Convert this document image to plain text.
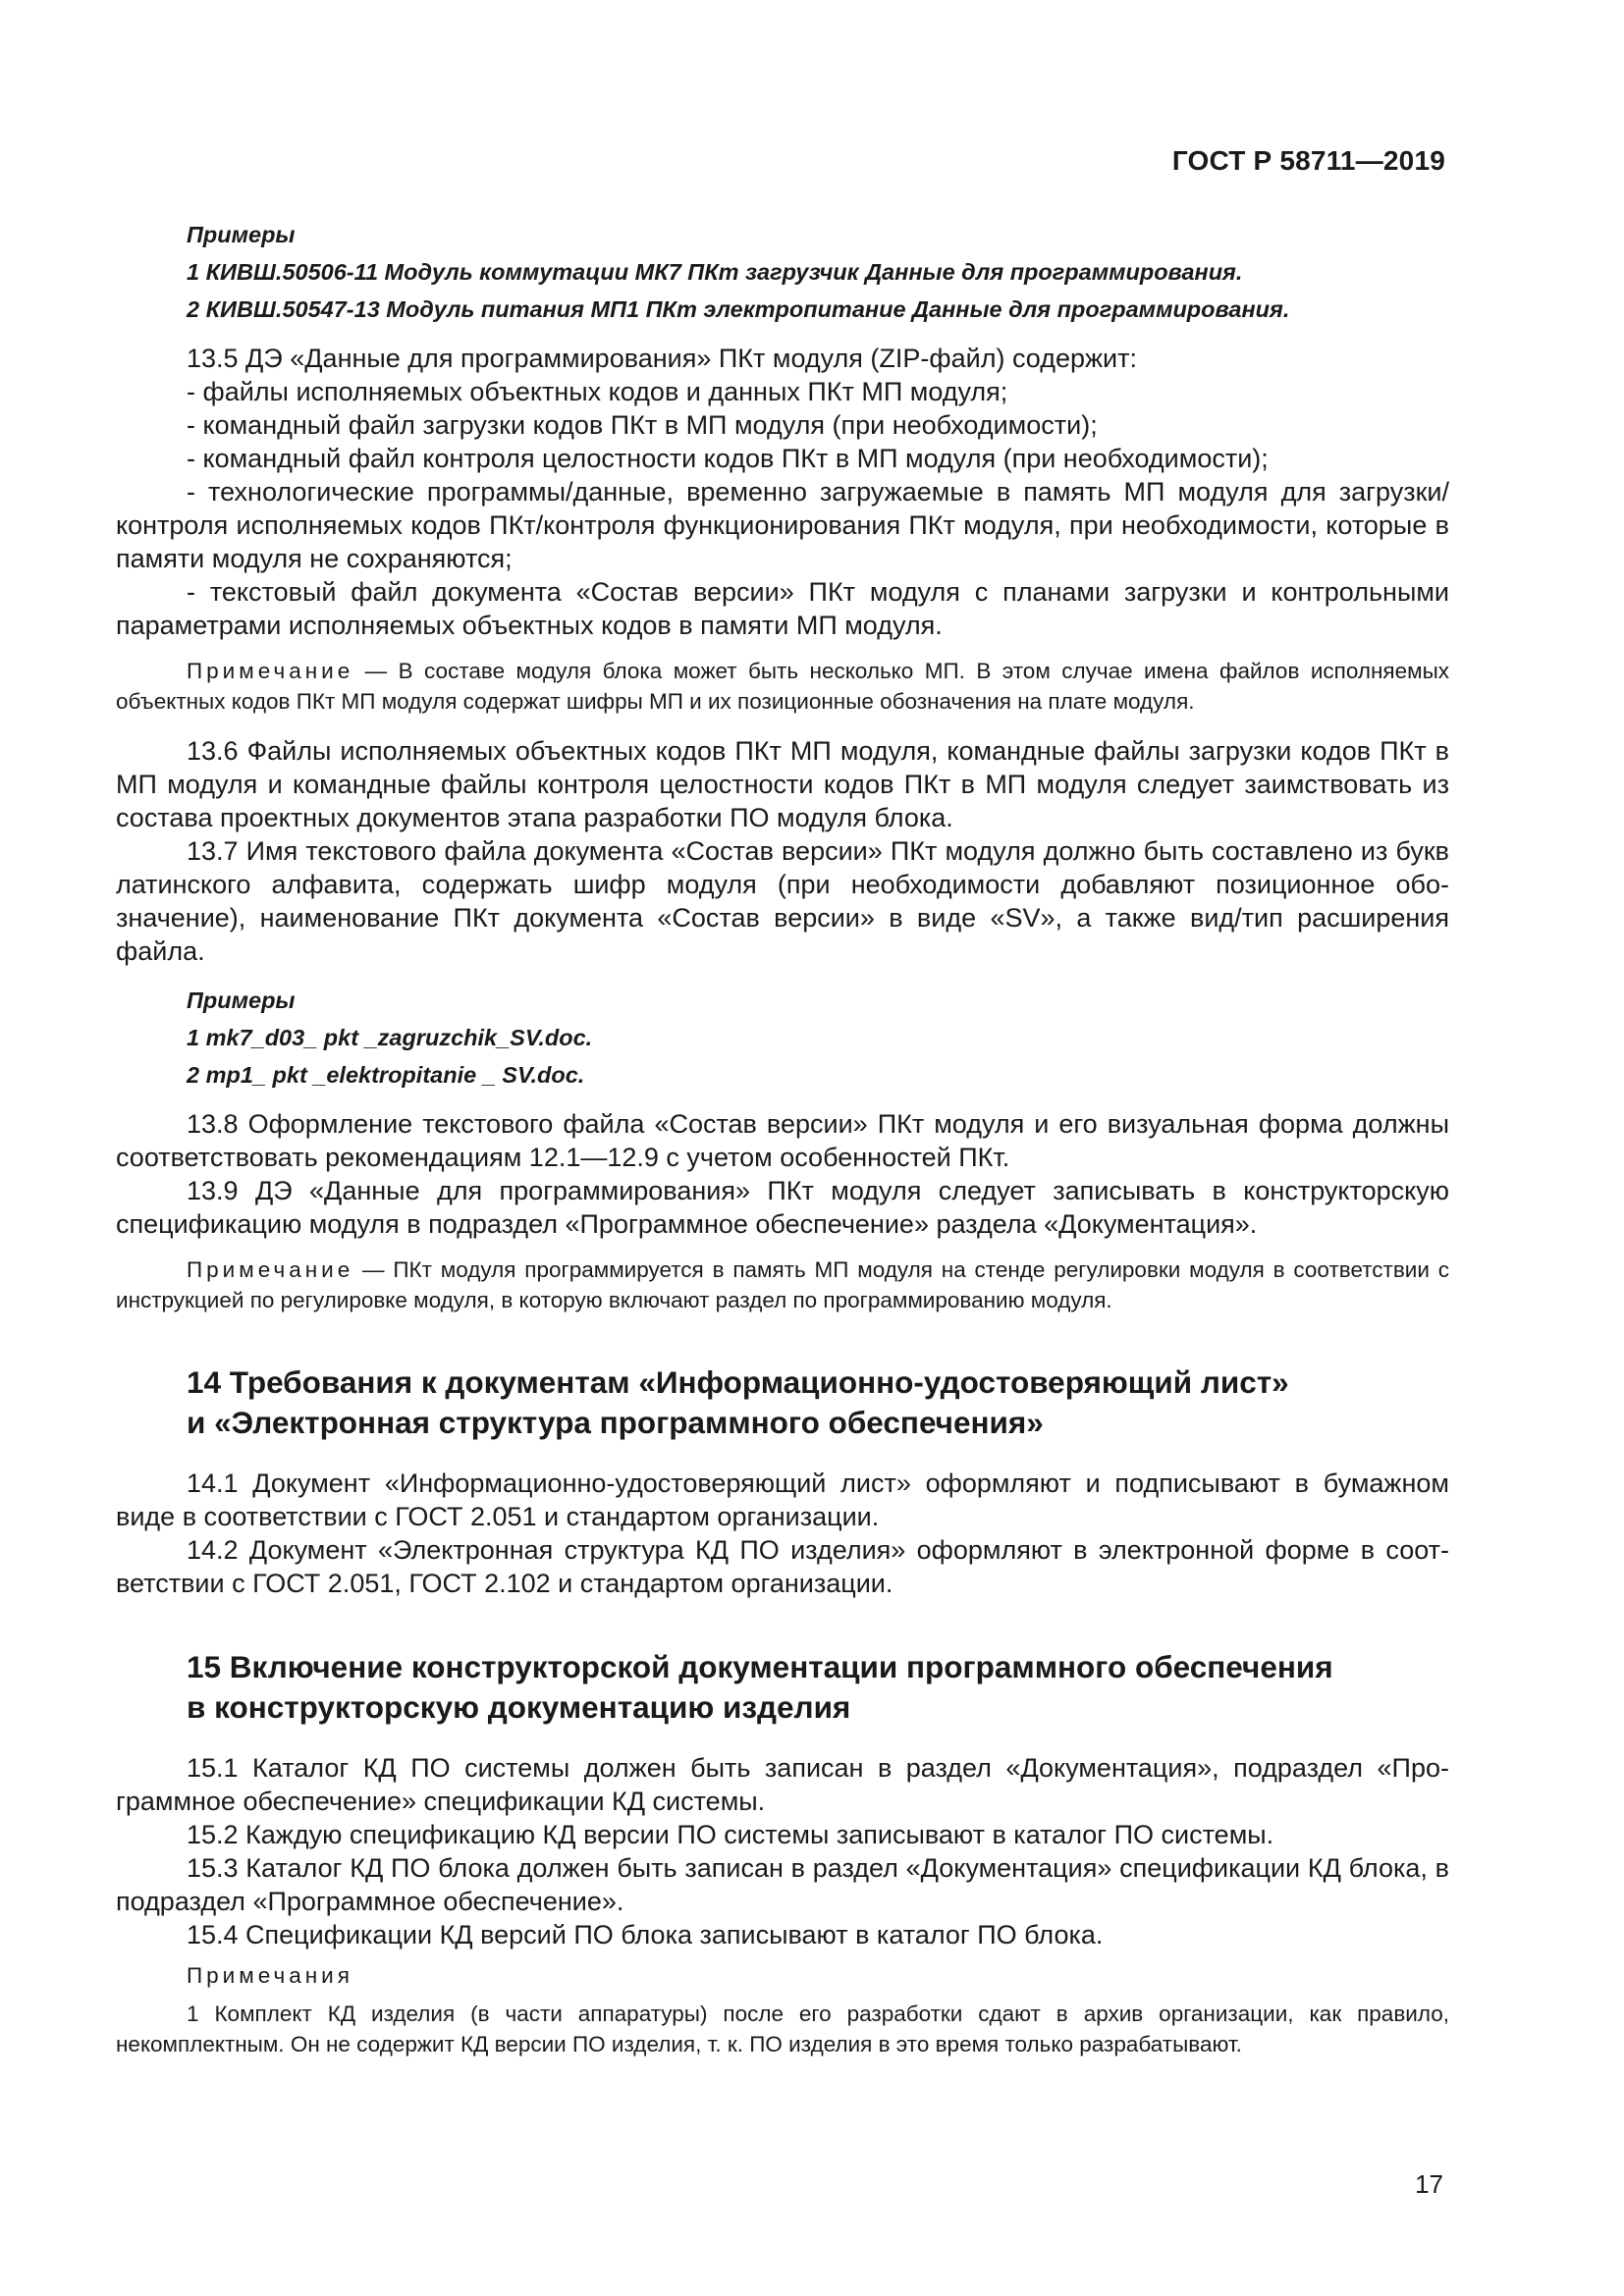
ГОСТ Р 58711—2019
Примеры
1 КИВШ.50506-11 Модуль коммутации МК7 ПКт загрузчик Данные для программирования.
2 КИВШ.50547-13 Модуль питания МП1 ПКт электропитание Данные для программирования.

13.5 ДЭ «Данные для программирования» ПКт модуля (ZIP-файл) содержит:

- файлы исполняемых объектных кодов и данных ПКт МП модуля;

- командный файл загрузки кодов ПКт в МП модуля (при необходимости);

- командный файл контроля целостности кодов ПКт в МП модуля (при необходимости);

- технологические программы/данные, временно загружаемые в память МП модуля для загрузки/контроля исполняемых кодов ПКт/контроля функционирования ПКт модуля, при необходимости, которые в памяти модуля не сохраняются;

- текстовый файл документа «Состав версии» ПКт модуля с планами загрузки и контрольными параметрами исполняемых объектных кодов в памяти МП модуля.

Примечание — В составе модуля блока может быть несколько МП. В этом случае имена файлов исполняемых объектных кодов ПКт МП модуля содержат шифры МП и их позиционные обозначения на плате модуля.

13.6 Файлы исполняемых объектных кодов ПКт МП модуля, командные файлы загрузки кодов ПКт в МП модуля и командные файлы контроля целостности кодов ПКт в МП модуля следует заимствовать из состава проектных документов этапа разработки ПО модуля блока.

13.7 Имя текстового файла документа «Состав версии» ПКт модуля должно быть составлено из букв латинского алфавита, содержать шифр модуля (при необходимости добавляют позиционное обозначение), наименование ПКт документа «Состав версии» в виде «SV», а также вид/тип расширения файла.

Примеры
1 mk7_d03_ pkt _zagruzchik_SV.doc.
2 mp1_ pkt _elektropitanie _ SV.doc.

13.8 Оформление текстового файла «Состав версии» ПКт модуля и его визуальная форма должны соответствовать рекомендациям 12.1—12.9 с учетом особенностей ПКт.

13.9 ДЭ «Данные для программирования» ПКт модуля следует записывать в конструкторскую спецификацию модуля в подраздел «Программное обеспечение» раздела «Документация».

Примечание — ПКт модуля программируется в память МП модуля на стенде регулировки модуля в соответствии с инструкцией по регулировке модуля, в которую включают раздел по программированию модуля.

14 Требования к документам «Информационно-удостоверяющий лист»
и «Электронная структура программного обеспечения»

14.1 Документ «Информационно-удостоверяющий лист» оформляют и подписывают в бумажном виде в соответствии с ГОСТ 2.051 и стандартом организации.

14.2 Документ «Электронная структура КД ПО изделия» оформляют в электронной форме в соответствии с ГОСТ 2.051, ГОСТ 2.102 и стандартом организации.

15 Включение конструкторской документации программного обеспечения
в конструкторскую документацию изделия

15.1 Каталог КД ПО системы должен быть записан в раздел «Документация», подраздел «Программное обеспечение» спецификации КД системы.

15.2 Каждую спецификацию КД версии ПО системы записывают в каталог ПО системы.

15.3 Каталог КД ПО блока должен быть записан в раздел «Документация» спецификации КД блока, в подраздел «Программное обеспечение».

15.4 Спецификации КД версий ПО блока записывают в каталог ПО блока.

Примечания

1 Комплект КД изделия (в части аппаратуры) после его разработки сдают в архив организации, как правило, некомплектным. Он не содержит КД версии ПО изделия, т. к. ПО изделия в это время только разрабатывают.

17
